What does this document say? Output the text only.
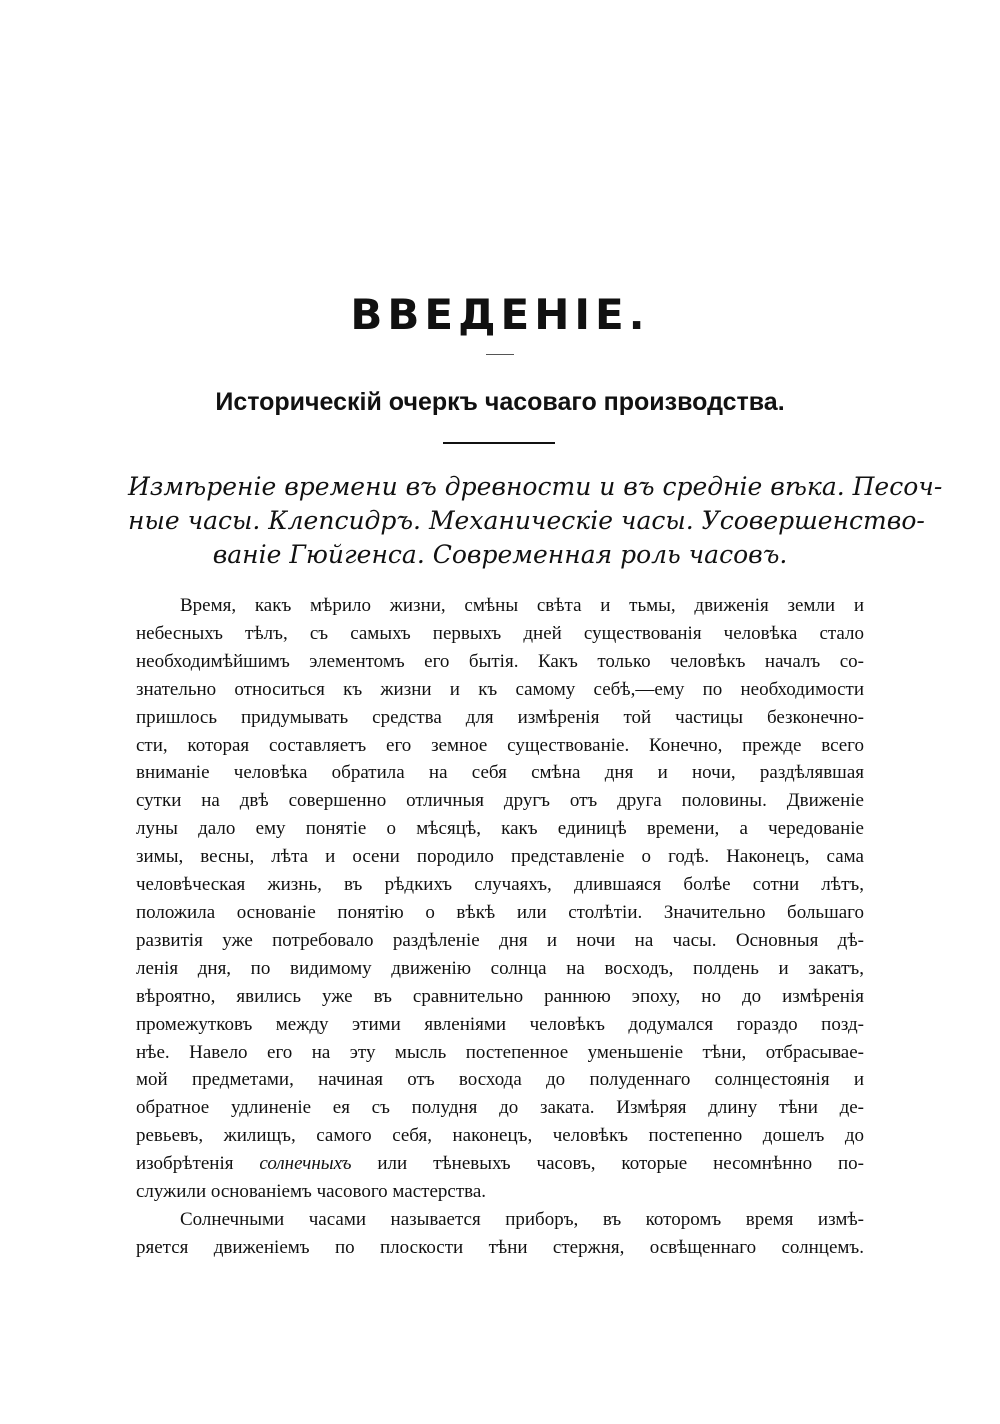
ВВЕДЕНІЕ.
Историческій очеркъ часоваго производства.
Измѣреніе времени въ древности и въ средніе вѣка. Песоч-
ные часы. Клепсидръ. Механическіе часы. Усовершенство-
ваніе Гюйгенса. Современная роль часовъ.
Время, какъ мѣрило жизни, смѣны свѣта и тьмы, движенія земли и
небесныхъ тѣлъ, съ самыхъ первыхъ дней существованія человѣка стало
необходимѣйшимъ элементомъ его бытія. Какъ только человѣкъ началъ со-
знательно относиться къ жизни и къ самому себѣ,—ему по необходимости
пришлось придумывать средства для измѣренія той частицы безконечно-
сти, которая составляетъ его земное существованіе. Конечно, прежде всего
вниманіе человѣка обратила на себя смѣна дня и ночи, раздѣлявшая
сутки на двѣ совершенно отличныя другъ отъ друга половины. Движеніе
луны дало ему понятіе о мѣсяцѣ, какъ единицѣ времени, а чередованіе
зимы, весны, лѣта и осени породило представленіе о годѣ. Наконецъ, сама
человѣческая жизнь, въ рѣдкихъ случаяхъ, длившаяся болѣе сотни лѣтъ,
положила основаніе понятію о вѣкѣ или столѣтіи. Значительно большаго
развитія уже потребовало раздѣленіе дня и ночи на часы. Основныя дѣ-
ленія дня, по видимому движенію солнца на восходъ, полдень и закатъ,
вѣроятно, явились уже въ сравнительно раннюю эпоху, но до измѣренія
промежутковъ между этими явленіями человѣкъ додумался гораздо позд-
нѣе. Навело его на эту мысль постепенное уменьшеніе тѣни, отбрасывае-
мой предметами, начиная отъ восхода до полуденнаго солнцестоянія и
обратное удлиненіе ея съ полудня до заката. Измѣряя длину тѣни де-
ревьевъ, жилищъ, самого себя, наконецъ, человѣкъ постепенно дошелъ до
изобрѣтенія солнечныхъ или тѣневыхъ часовъ, которые несомнѣнно по-
служили основаніемъ часового мастерства.
Солнечными часами называется приборъ, въ которомъ время измѣ-
ряется движеніемъ по плоскости тѣни стержня, освѣщеннаго солнцемъ.
